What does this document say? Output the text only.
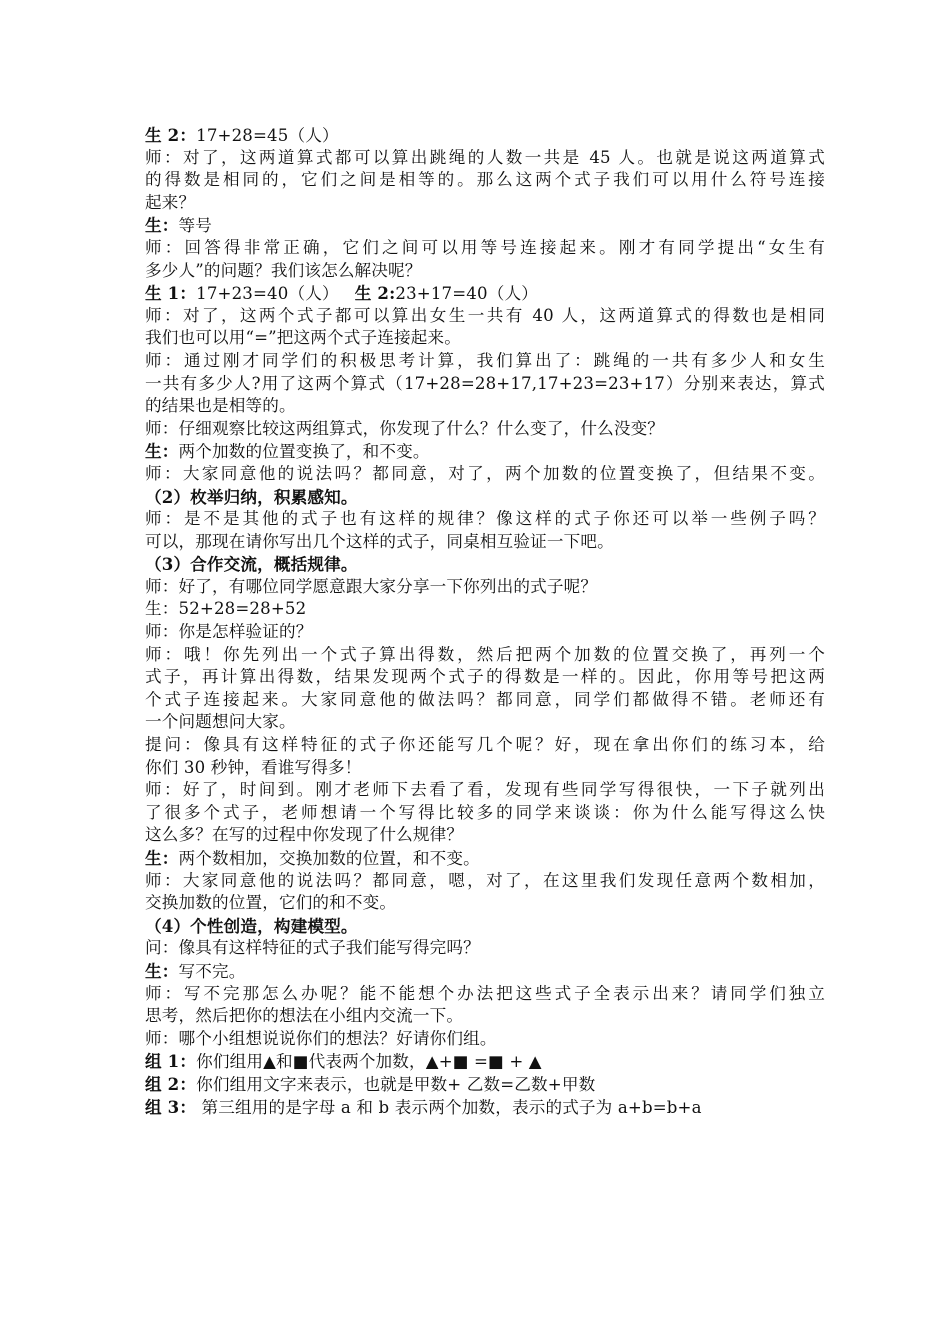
生 2：17+28=45（人）

师：对了，这两道算式都可以算出跳绳的人数一共是 45 人。也就是说这两道算式

的得数是相同的，它们之间是相等的。那么这两个式子我们可以用什么符号连接

起来？

生：等号

师：回答得非常正确，它们之间可以用等号连接起来。刚才有同学提出“女生有

多少人”的问题？我们该怎么解决呢？

生 1：17+23=40（人） 生 2:23+17=40（人）

师：对了，这两个式子都可以算出女生一共有 40 人，这两道算式的得数也是相同

我们也可以用“=”把这两个式子连接起来。

师：通过刚才同学们的积极思考计算，我们算出了：跳绳的一共有多少人和女生

一共有多少人?用了这两个算式（17+28=28+17,17+23=23+17）分别来表达，算式

的结果也是相等的。

师：仔细观察比较这两组算式，你发现了什么？什么变了，什么没变？

生：两个加数的位置变换了，和不变。

师：大家同意他的说法吗？都同意，对了，两个加数的位置变换了，但结果不变。

（2）枚举归纳，积累感知。

师：是不是其他的式子也有这样的规律？像这样的式子你还可以举一些例子吗？

可以，那现在请你写出几个这样的式子，同桌相互验证一下吧。

（3）合作交流，概括规律。

师：好了，有哪位同学愿意跟大家分享一下你列出的式子呢？

生：52+28=28+52

师：你是怎样验证的？

师：哦！你先列出一个式子算出得数，然后把两个加数的位置交换了，再列一个

式子，再计算出得数，结果发现两个式子的得数是一样的。因此，你用等号把这两

个式子连接起来。大家同意他的做法吗？都同意，同学们都做得不错。老师还有

一个问题想问大家。

提问：像具有这样特征的式子你还能写几个呢？好，现在拿出你们的练习本，给

你们 30 秒钟，看谁写得多！

师：好了，时间到。刚才老师下去看了看，发现有些同学写得很快，一下子就列出

了很多个式子，老师想请一个写得比较多的同学来谈谈：你为什么能写得这么快

这么多？在写的过程中你发现了什么规律？

生：两个数相加，交换加数的位置，和不变。

师：大家同意他的说法吗？都同意，嗯，对了，在这里我们发现任意两个数相加，

交换加数的位置，它们的和不变。

（4）个性创造，构建模型。

问：像具有这样特征的式子我们能写得完吗？

生：写不完。

师：写不完那怎么办呢？能不能想个办法把这些式子全表示出来？请同学们独立

思考，然后把你的想法在小组内交流一下。

师：哪个小组想说说你们的想法？好请你们组。

组 1：你们组用▲和■代表两个加数，▲+■ =■ + ▲

组 2：你们组用文字来表示，也就是甲数+ 乙数=乙数+甲数

组 3： 第三组用的是字母 a 和 b 表示两个加数，表示的式子为 a+b=b+a
